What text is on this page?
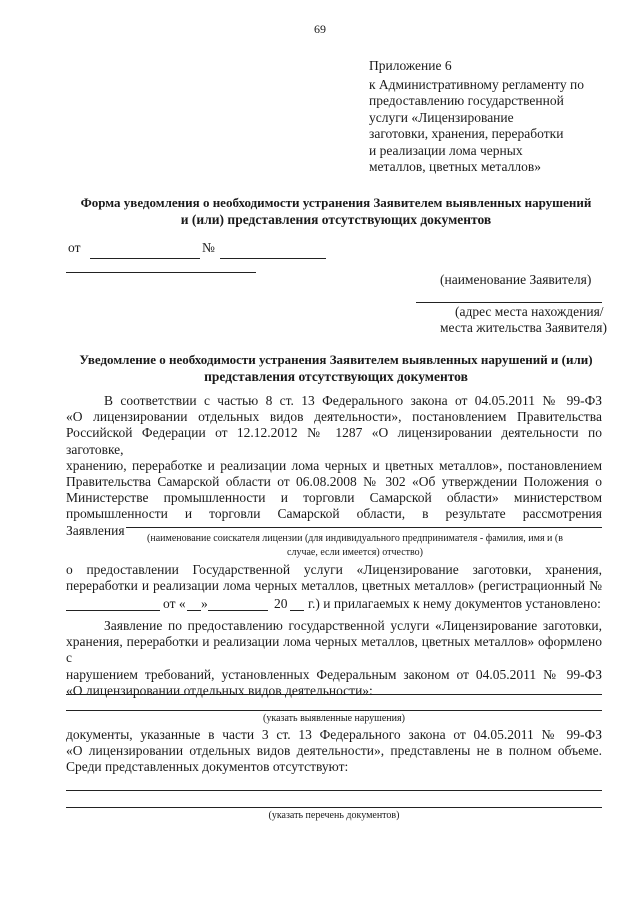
69
Приложение 6
к Административному регламенту по
предоставлению государственной
услуги «Лицензирование
заготовки, хранения, переработки
и реализации лома черных
металлов, цветных металлов»
Форма уведомления о необходимости устранения Заявителем выявленных нарушений
и (или) представления отсутствующих документов
от	№
(наименование Заявителя)
(адрес места нахождения/
места жительства Заявителя)
Уведомление о необходимости устранения Заявителем выявленных нарушений и (или)
представления отсутствующих документов
В соответствии с частью 8 ст. 13 Федерального закона от 04.05.2011 № 99-ФЗ
«О лицензировании отдельных видов деятельности», постановлением Правительства
Российской Федерации от 12.12.2012 № 1287 «О лицензировании деятельности по заготовке,
хранению, переработке и реализации лома черных и цветных металлов», постановлением
Правительства Самарской области от 06.08.2008 № 302 «Об утверждении Положения о
Министерстве промышленности и торговли Самарской области» министерством
промышленности и торговли Самарской области, в результате рассмотрения
Заявления
(наименование соискателя лицензии (для индивидуального предпринимателя - фамилия, имя и (в
случае, если имеется) отчество)
о предоставлении Государственной услуги «Лицензирование заготовки, хранения,
переработки и реализации лома черных металлов, цветных металлов» (регистрационный №
от « »	20 г.) и прилагаемых к нему документов установлено:
Заявление по предоставлению государственной услуги «Лицензирование заготовки,
хранения, переработки и реализации лома черных металлов, цветных металлов» оформлено с
нарушением требований, установленных Федеральным законом от 04.05.2011 № 99-ФЗ
«О лицензировании отдельных видов деятельности»:
(указать выявленные нарушения)
документы, указанные в части 3 ст. 13 Федерального закона от 04.05.2011 № 99-ФЗ
«О лицензировании отдельных видов деятельности», представлены не в полном объеме.
Среди представленных документов отсутствуют:
(указать перечень документов)
